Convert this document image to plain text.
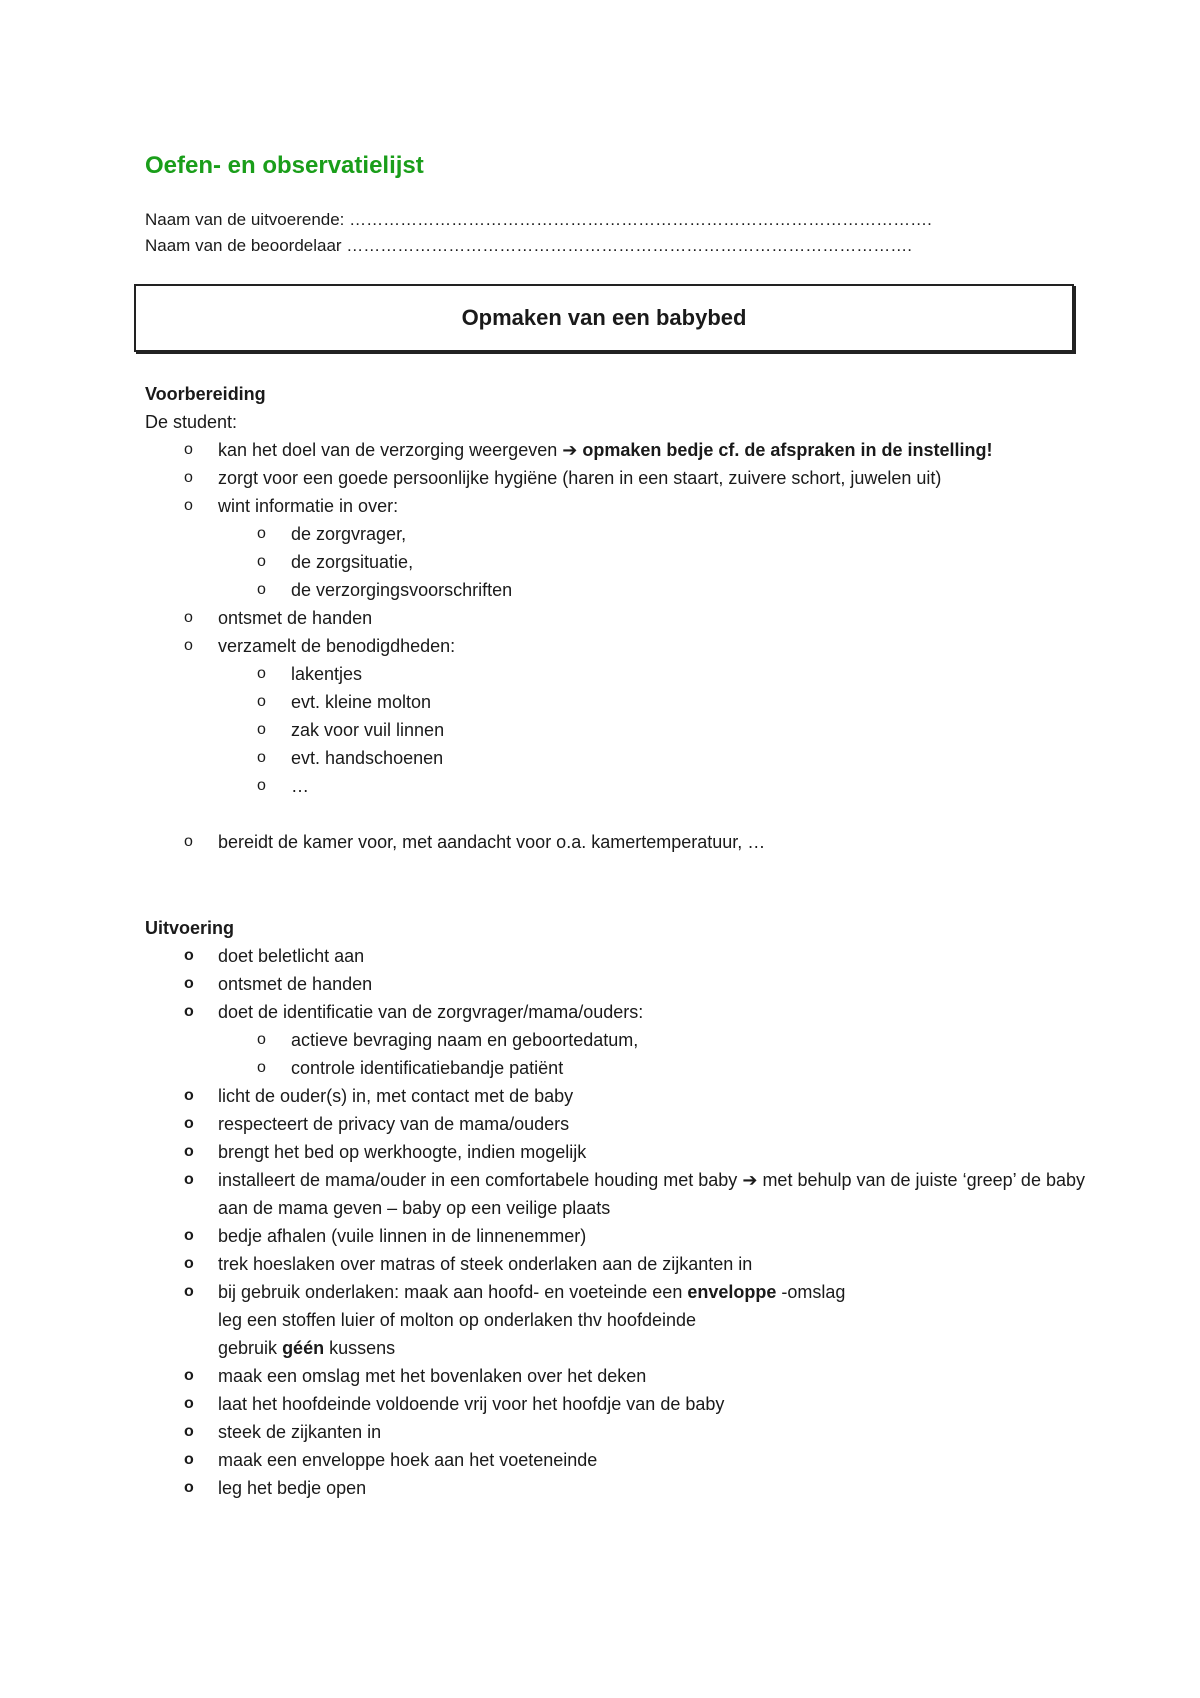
Oefen- en observatielijst
Naam van de uitvoerende: ………………………………………………………………………………………….
Naam van de beoordelaar ……………………………………………………………………………………….
Opmaken van een babybed
Voorbereiding
De student:
o kan het doel van de verzorging weergeven ➔ opmaken bedje cf. de afspraken in de instelling!
o zorgt voor een goede persoonlijke hygiëne (haren in een staart, zuivere schort, juwelen uit)
o wint informatie in over:
o de zorgvrager,
o de zorgsituatie,
o de verzorgingsvoorschriften
o ontsmet de handen
o verzamelt de benodigdheden:
o lakentjes
o evt. kleine molton
o zak voor vuil linnen
o evt. handschoenen
o …
o bereidt de kamer voor, met aandacht voor o.a. kamertemperatuur, …
Uitvoering
o doet beletlicht aan
o ontsmet de handen
o doet de identificatie van de zorgvrager/mama/ouders:
o actieve bevraging naam en geboortedatum,
o controle identificatiebandje patiënt
o licht de ouder(s) in, met contact met de baby
o respecteert de privacy van de mama/ouders
o brengt het bed op werkhoogte, indien mogelijk
o installeert de mama/ouder in een comfortabele houding met baby ➔ met behulp van de juiste ‘greep’ de baby aan de mama geven – baby op een veilige plaats
o bedje afhalen (vuile linnen in de linnenemmer)
o trek hoeslaken over matras of steek onderlaken aan de zijkanten in
o bij gebruik onderlaken: maak aan hoofd- en voeteinde een enveloppe -omslag
leg een stoffen luier of molton op onderlaken thv hoofdeinde
gebruik géén kussens
o maak een omslag met het bovenlaken over het deken
o laat het hoofdeinde voldoende vrij voor het hoofdje van de baby
o steek de zijkanten in
o maak een enveloppe hoek aan het voeteneinde
o leg het bedje open
